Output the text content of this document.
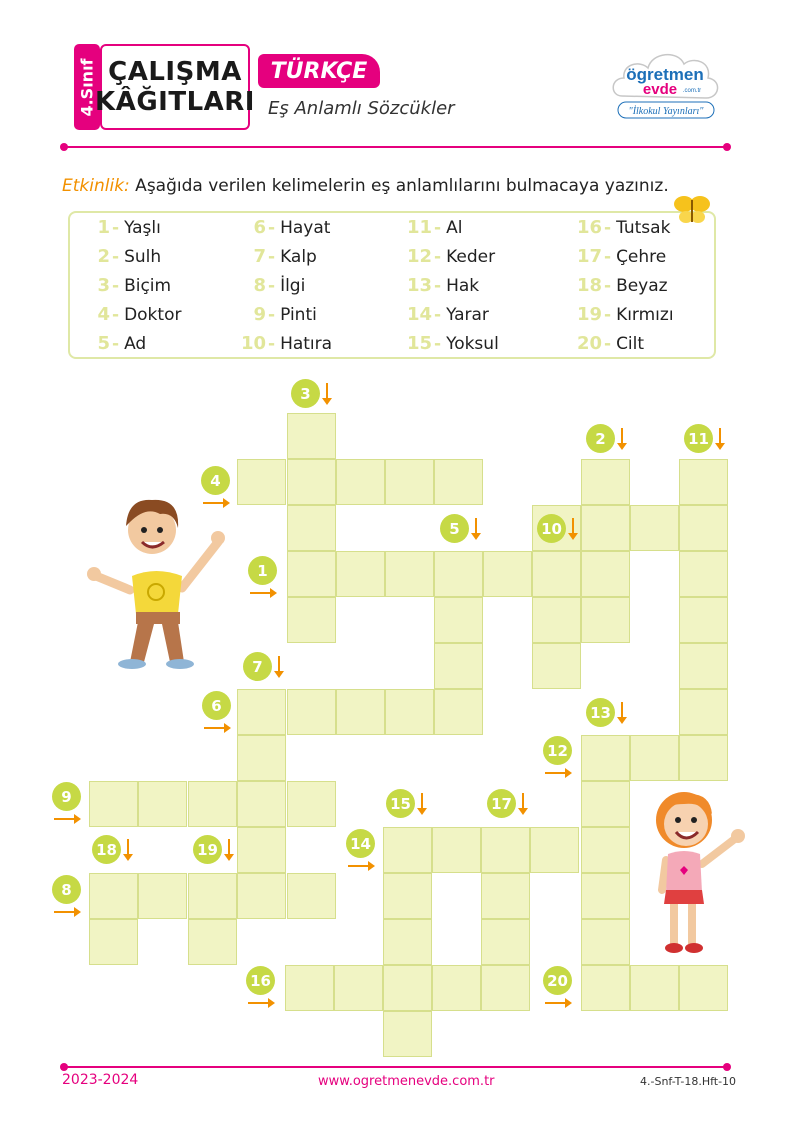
4.Sınıf ÇALIŞMA
KÂĞITLARI
TÜRKÇE
Eş Anlamlı Sözcükler
ögretmen
evde .com.tr
"İlkokul Yayınları"
Etkinlik: Aşağıda verilen kelimelerin eş anlamlılarını bulmacaya yazınız.
1 - Yaşlı
2 - Sulh
3 - Biçim
4 - Doktor
5 - Ad
6 - Hayat
7 - Kalp
8 - İlgi
9 - Pinti
10 - Hatıra
11 - Al
12 - Keder
13 - Hak
14 - Yarar
15 - Yoksul
16 - Tutsak
17 - Çehre
18 - Beyaz
19 - Kırmızı
20 - Cilt
3
2	11
4
5	10
1
7
6	13
12
9	15	17
14
18	19
8
16	20
2023-2024	www.ogretmenevde.com.tr	4.-Snf-T-18.Hft-10
